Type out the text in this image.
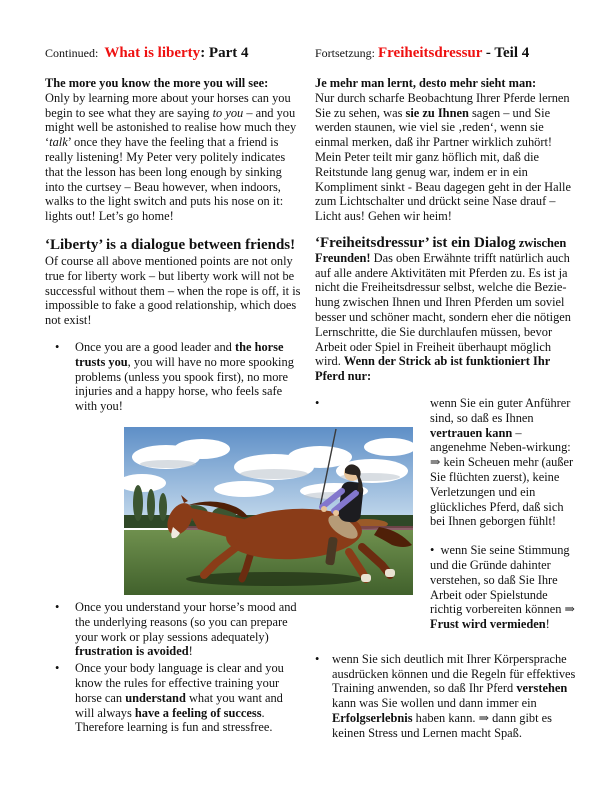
Continued:  What is liberty: Part 4	Fortsetzung: Freiheitsdressur - Teil 4
The more you know the more you will see:
Only by learning more about your horses can you begin to see what they are saying to you – and you might well be astonished to realise how much they ‘talk’ once they have the feeling that a friend is really listening! My Peter very politely indicates that the lesson has been long enough by sinking into the curtsey – Beau however, when indoors, walks to the light switch and puts his nose on it: lights out! Let’s go home!
‘Liberty’ is a dialogue between friends!
Of course all above mentioned points are not only true for liberty work – but liberty work will not be successful without them – when the rope is off, it is impossible to fake a good relationship, which does not exist!
• Once you are a good leader and the horse trusts you, you will have no more spooking problems (unless you spook first), no more injuries and a happy horse, who feels safe with you!
• Once you understand your horse’s mood and the underlying reasons (so you can prepare your work or play sessions adequately) frustration is avoided!
• Once your body language is clear and you know the rules for effective training your horse can understand what you want and will always have a feeling of success. Therefore learning is fun and stressfree.
Je mehr man lernt, desto mehr sieht man:
Nur durch scharfe Beobachtung Ihrer Pferde lernen Sie zu sehen, was sie zu Ihnen sagen – und Sie werden staunen, wie viel sie ‚reden‘, wenn sie einmal merken, daß ihr Partner wirklich zuhört! Mein Peter teilt mir ganz höflich mit, daß die Reitstunde lang genug war, indem er in ein Kompliment sinkt - Beau dagegen geht in der Halle zum Lichtschalter und drückt seine Nase drauf – Licht aus! Gehen wir heim!
‘Freiheitsdressur’ ist ein Dialog zwischen Freunden! Das oben Erwähnte trifft natürlich auch auf alle andere Aktivitäten mit Pferden zu. Es ist ja nicht die Freiheitsdressur selbst, welche die Bezie-hung zwischen Ihnen und Ihren Pferden um soviel besser und schöner macht, sondern eher die nötigen Lernschritte, die Sie durchlaufen müssen, bevor Arbeit oder Spiel in Freiheit überhaupt möglich wird. Wenn der Strick ab ist funktioniert Ihr Pferd nur:
•	wenn Sie ein guter Anführer sind, so daß es Ihnen vertrauen kann – angenehme Neben-wirkung: ⇒ kein Scheuen mehr (außer Sie flüchten zuerst), keine Verletzungen und ein glückliches Pferd, daß sich bei Ihnen geborgen fühlt!
•  wenn Sie seine Stimmung und die Gründe dahinter verstehen, so daß Sie Ihre Arbeit oder Spielstunde richtig vorbereiten können ⇒ Frust wird vermieden!
• wenn Sie sich deutlich mit Ihrer Körpersprache ausdrücken können und die Regeln für effektives Training anwenden, so daß Ihr Pferd verstehen kann was Sie wollen und dann immer ein Erfolgserlebnis haben kann. ⇒ dann gibt es keinen Stress und Lernen macht Spaß.
